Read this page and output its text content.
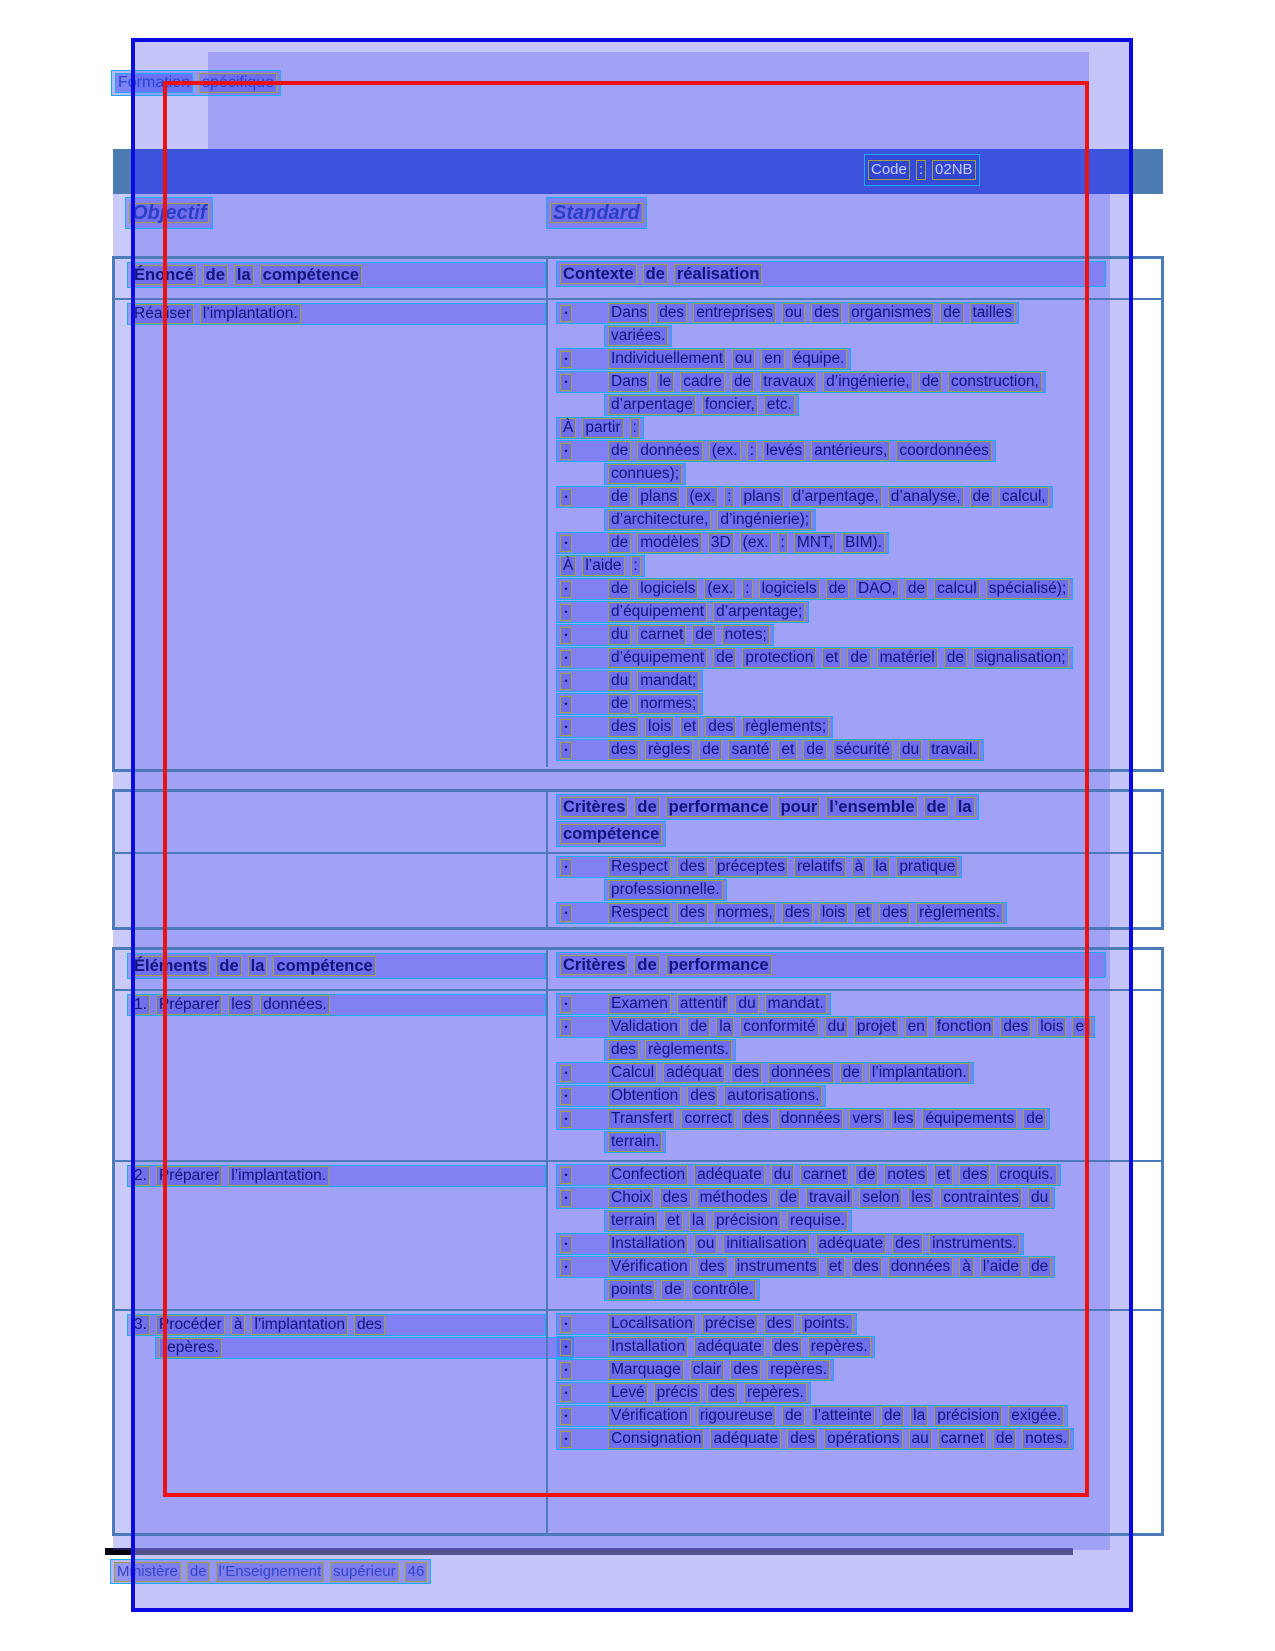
Formation spécifique
Code : 02NB
Objectif	Standard
Énoncé de la compétence	Contexte de réalisation
Réaliser l’implantation.	•	Dans des entreprises ou des organismes de tailles
variées.
•	Individuellement ou en équipe.
•	Dans le cadre de travaux d’ingénierie, de construction,
d’arpentage foncier, etc.
À partir :
•	de données (ex. : levés antérieurs, coordonnées
connues);
•	de plans (ex. : plans d’arpentage, d’analyse, de calcul,
d’architecture, d’ingénierie);
•	de modèles 3D (ex. : MNT, BIM).
À l’aide :
•	de logiciels (ex. : logiciels de DAO, de calcul spécialisé);
•	d’équipement d’arpentage;
•	du carnet de notes;
•	d’équipement de protection et de matériel de signalisation;
•	du mandat;
•	de normes;
•	des lois et des règlements;
•	des règles de santé et de sécurité du travail.
Critères de performance pour l’ensemble de la
compétence
•	Respect des préceptes relatifs à la pratique
professionnelle.
•	Respect des normes, des lois et des règlements.
Éléments de la compétence	Critères de performance
1. Préparer les données.	•	Examen attentif du mandat.
•	Validation de la conformité du projet en fonction des lois et
des règlements.
•	Calcul adéquat des données de l’implantation.
•	Obtention des autorisations.
•	Transfert correct des données vers les équipements de
terrain.
2. Préparer l’implantation.	•	Confection adéquate du carnet de notes et des croquis.
•	Choix des méthodes de travail selon les contraintes du
terrain et la précision requise.
•	Installation ou initialisation adéquate des instruments.
•	Vérification des instruments et des données à l’aide de
points de contrôle.
3. Procéder à l’implantation des
repères.
•	Localisation précise des points.
•	Installation adéquate des repères.
•	Marquage clair des repères.
•	Levé précis des repères.
•	Vérification rigoureuse de l’atteinte de la précision exigée.
•	Consignation adéquate des opérations au carnet de notes.
Ministère de l’Enseignement supérieur 46
